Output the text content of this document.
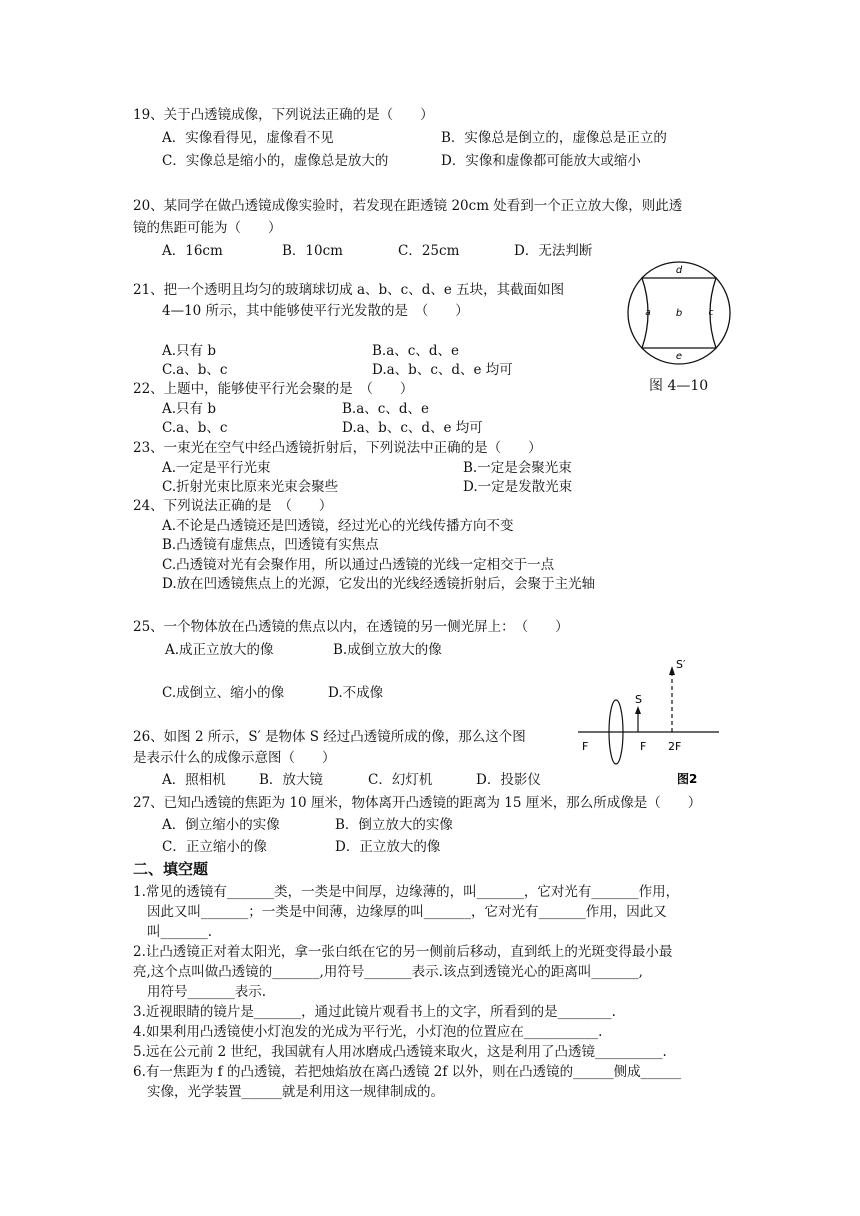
19、关于凸透镜成像，下列说法正确的是（　　）
A．实像看得见，虚像看不见	B．实像总是倒立的，虚像总是正立的
C．实像总是缩小的，虚像总是放大的	D．实像和虚像都可能放大或缩小
20、某同学在做凸透镜成像实验时，若发现在距透镜 20cm 处看到一个正立放大像，则此透
镜的焦距可能为（　　）
A．16cm	B．10cm	C．25cm	D．无法判断
21、把一个透明且均匀的玻璃球切成 a、b、c、d、e 五块，其截面如图
4—10 所示，其中能够使平行光发散的是　（　　）
A.只有 b	B.a、c、d、e
C.a、b、c	D.a、b、c、d、e 均可
d
b
a	c
e
图 4—10
22、上题中，能够使平行光会聚的是　（　　）
A.只有 b	B.a、c、d、e
C.a、b、c	D.a、b、c、d、e 均可
23、一束光在空气中经凸透镜折射后，下列说法中正确的是（　　）
A.一定是平行光束	B.一定是会聚光束
C.折射光束比原来光束会聚些	D.一定是发散光束
24、下列说法正确的是　（　　）
A.不论是凸透镜还是凹透镜，经过光心的光线传播方向不变
B.凸透镜有虚焦点，凹透镜有实焦点
C.凸透镜对光有会聚作用，所以通过凸透镜的光线一定相交于一点
D.放在凹透镜焦点上的光源，它发出的光线经透镜折射后，会聚于主光轴
25、一个物体放在凸透镜的焦点以内，在透镜的另一侧光屏上：　（　　）
A.成正立放大的像	B.成倒立放大的像
C.成倒立、缩小的像	D.不成像
S′
S
F	F 2F
图2
26、如图 2 所示，S′ 是物体 S 经过凸透镜所成的像，那么这个图
是表示什么的成像示意图（　　）
A．照相机 B．放大镜	C．幻灯机	D．投影仪
27、已知凸透镜的焦距为 10 厘米，物体离开凸透镜的距离为 15 厘米，那么所成像是（　　）
A．倒立缩小的实像	B．倒立放大的实像
C．正立缩小的像	D．正立放大的像
二、填空题
1.常见的透镜有_______类，一类是中间厚，边缘薄的，叫_______，它对光有_______作用，
因此又叫_______；一类是中间薄，边缘厚的叫_______，它对光有_______作用，因此又
叫_______.
2.让凸透镜正对着太阳光，拿一张白纸在它的另一侧前后移动，直到纸上的光斑变得最小最
亮,这个点叫做凸透镜的_______,用符号_______表示.该点到透镜光心的距离叫_______,
用符号_______表示.
3.近视眼睛的镜片是_______，通过此镜片观看书上的文字，所看到的是________.
4.如果利用凸透镜使小灯泡发的光成为平行光，小灯泡的位置应在___________.
5.远在公元前 2 世纪，我国就有人用冰磨成凸透镜来取火，这是利用了凸透镜__________.
6.有一焦距为 f 的凸透镜，若把烛焰放在离凸透镜 2f 以外，则在凸透镜的______侧成______
实像，光学装置______就是利用这一规律制成的。
